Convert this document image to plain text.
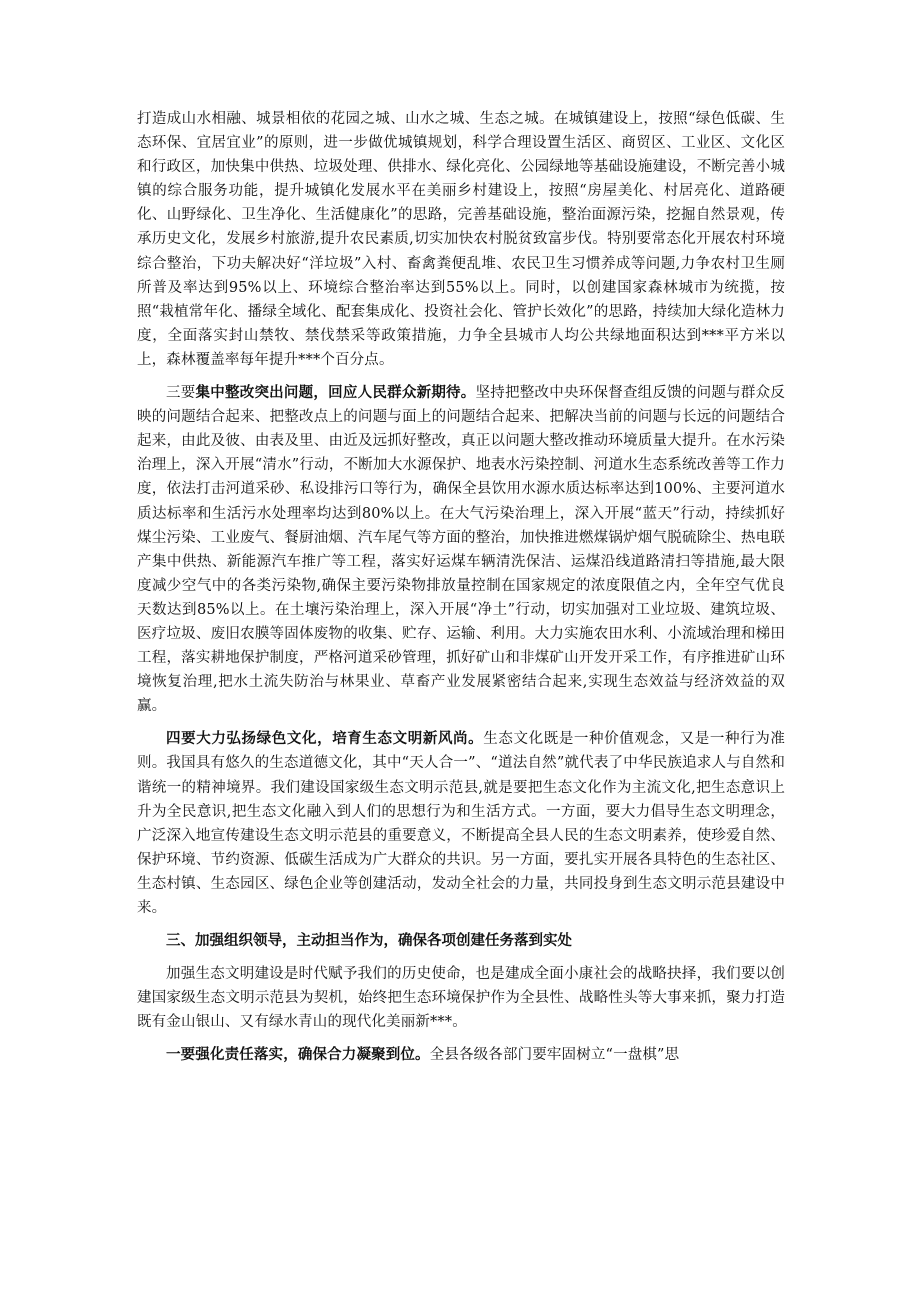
打造成山水相融、城景相依的花园之城、山水之城、生态之城。在城镇建设上，按照“绿色低碳、生态环保、宜居宜业”的原则，进一步做优城镇规划，科学合理设置生活区、商贸区、工业区、文化区和行政区，加快集中供热、垃圾处理、供排水、绿化亮化、公园绿地等基础设施建设，不断完善小城镇的综合服务功能，提升城镇化发展水平在美丽乡村建设上，按照“房屋美化、村居亮化、道路硬化、山野绿化、卫生净化、生活健康化”的思路，完善基础设施，整治面源污染，挖掘自然景观，传承历史文化，发展乡村旅游,提升农民素质,切实加快农村脱贫致富步伐。特别要常态化开展农村环境综合整治，下功夫解决好“洋垃圾”入村、畜禽粪便乱堆、农民卫生习惯养成等问题,力争农村卫生厕所普及率达到95%以上、环境综合整治率达到55%以上。同时，以创建国家森林城市为统揽，按照“栽植常年化、播绿全域化、配套集成化、投资社会化、管护长效化”的思路，持续加大绿化造林力度，全面落实封山禁牧、禁伐禁采等政策措施，力争全县城市人均公共绿地面积达到***平方米以上，森林覆盖率每年提升***个百分点。

三要集中整改突出问题，回应人民群众新期待。坚持把整改中央环保督查组反馈的问题与群众反映的问题结合起来、把整改点上的问题与面上的问题结合起来、把解决当前的问题与长远的问题结合起来，由此及彼、由表及里、由近及远抓好整改，真正以问题大整改推动环境质量大提升。在水污染治理上，深入开展“清水”行动，不断加大水源保护、地表水污染控制、河道水生态系统改善等工作力度，依法打击河道采砂、私设排污口等行为，确保全县饮用水源水质达标率达到100%、主要河道水质达标率和生活污水处理率均达到80%以上。在大气污染治理上，深入开展“蓝天”行动，持续抓好煤尘污染、工业废气、餐厨油烟、汽车尾气等方面的整治，加快推进燃煤锅炉烟气脱硫除尘、热电联产集中供热、新能源汽车推广等工程，落实好运煤车辆清洗保洁、运煤沿线道路清扫等措施,最大限度减少空气中的各类污染物,确保主要污染物排放量控制在国家规定的浓度限值之内，全年空气优良天数达到85%以上。在土壤污染治理上，深入开展“净土”行动，切实加强对工业垃圾、建筑垃圾、医疗垃圾、废旧农膜等固体废物的收集、贮存、运输、利用。大力实施农田水利、小流域治理和梯田工程，落实耕地保护制度，严格河道采砂管理，抓好矿山和非煤矿山开发开采工作，有序推进矿山环境恢复治理,把水土流失防治与林果业、草畜产业发展紧密结合起来,实现生态效益与经济效益的双赢。

四要大力弘扬绿色文化，培育生态文明新风尚。生态文化既是一种价值观念，又是一种行为准则。我国具有悠久的生态道德文化，其中“天人合一”、“道法自然”就代表了中华民族追求人与自然和谐统一的精神境界。我们建设国家级生态文明示范县,就是要把生态文化作为主流文化,把生态意识上升为全民意识,把生态文化融入到人们的思想行为和生活方式。一方面，要大力倡导生态文明理念，广泛深入地宣传建设生态文明示范县的重要意义，不断提高全县人民的生态文明素养，使珍爱自然、保护环境、节约资源、低碳生活成为广大群众的共识。另一方面，要扎实开展各具特色的生态社区、生态村镇、生态园区、绿色企业等创建活动，发动全社会的力量，共同投身到生态文明示范县建设中来。

三、加强组织领导，主动担当作为，确保各项创建任务落到实处

加强生态文明建设是时代赋予我们的历史使命，也是建成全面小康社会的战略抉择，我们要以创建国家级生态文明示范县为契机，始终把生态环境保护作为全县性、战略性头等大事来抓，聚力打造既有金山银山、又有绿水青山的现代化美丽新***。

一要强化责任落实，确保合力凝聚到位。全县各级各部门要牢固树立“一盘棋”思
